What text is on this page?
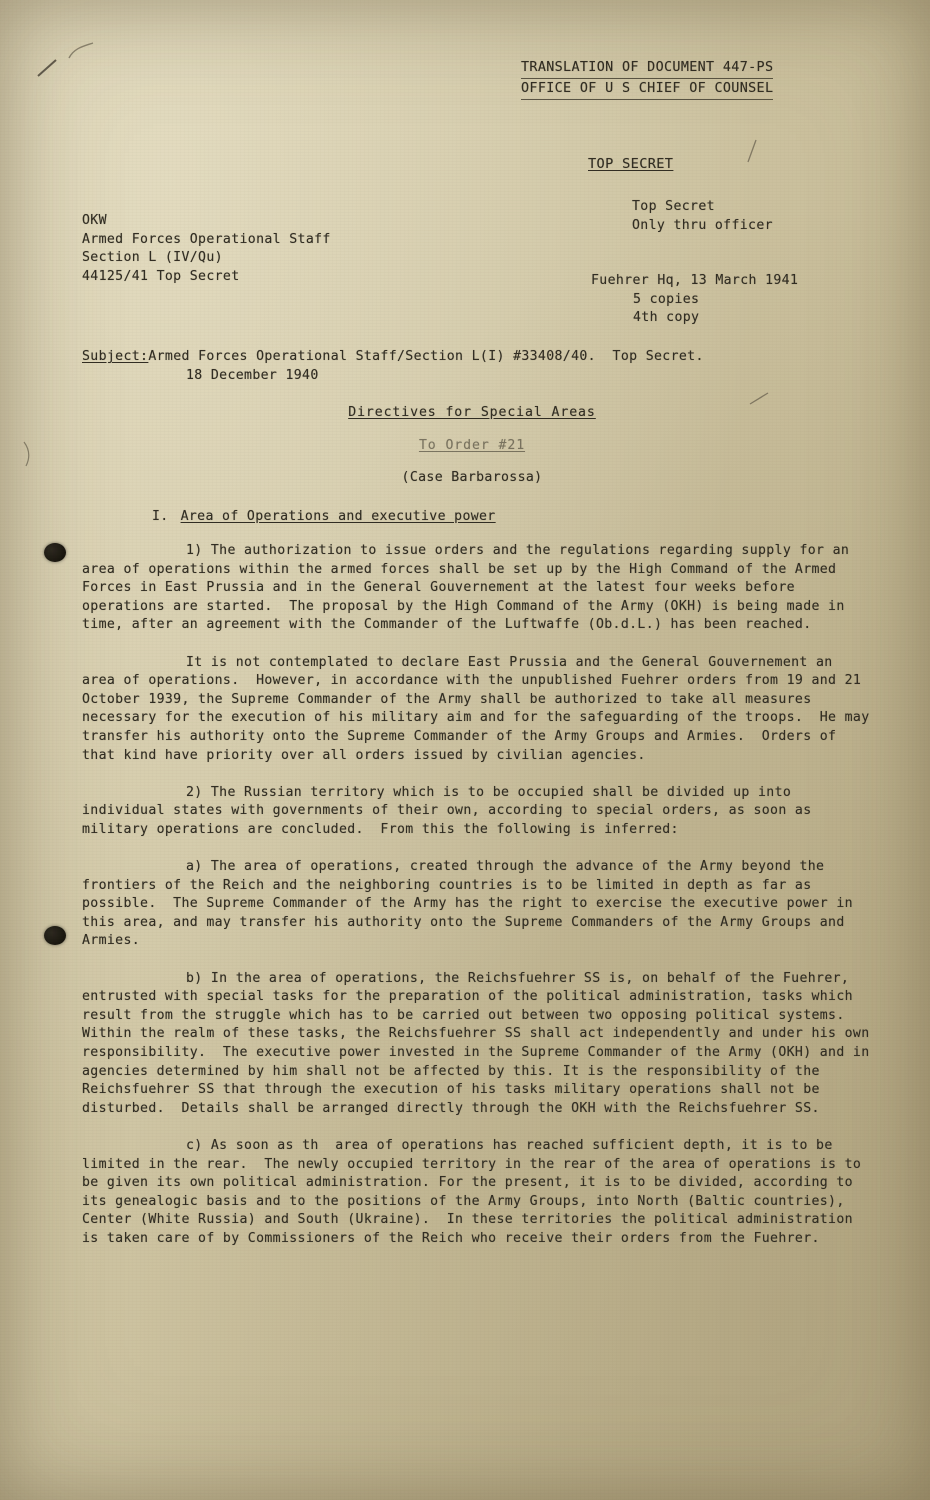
TRANSLATION OF DOCUMENT 447-PS
OFFICE OF U S CHIEF OF COUNSEL
TOP SECRET
Top Secret
Only thru officer
OKW
Armed Forces Operational Staff
Section L (IV/Qu)
44125/41 Top Secret	Fuehrer Hq, 13 March 1941
5 copies
4th copy
Subject:Armed Forces Operational Staff/Section L(I) #33408/40.  Top Secret.
18 December 1940
Directives for Special Areas
To Order #21
(Case Barbarossa)
I. Area of Operations and executive power

1) The authorization to issue orders and the regulations regarding supply for an area of operations within the armed forces shall be set up by the High Command of the Armed Forces in East Prussia and in the General Gouvernement at the latest four weeks before operations are started.  The proposal by the High Command of the Army (OKH) is being made in time, after an agreement with the Commander of the Luftwaffe (Ob.d.L.) has been reached.

It is not contemplated to declare East Prussia and the General Gouvernement an area of operations.  However, in accordance with the unpublished Fuehrer orders from 19 and 21 October 1939, the Supreme Commander of the Army shall be authorized to take all measures necessary for the execution of his military aim and for the safeguarding of the troops.  He may transfer his authority onto the Supreme Commander of the Army Groups and Armies.  Orders of that kind have priority over all orders issued by civilian agencies.

2) The Russian territory which is to be occupied shall be divided up into individual states with governments of their own, according to special orders, as soon as military operations are concluded.  From this the following is inferred:

a) The area of operations, created through the advance of the Army beyond the frontiers of the Reich and the neighboring countries is to be limited in depth as far as possible.  The Supreme Commander of the Army has the right to exercise the executive power in this area, and may transfer his authority onto the Supreme Commanders of the Army Groups and Armies.

b) In the area of operations, the Reichsfuehrer SS is, on behalf of the Fuehrer, entrusted with special tasks for the preparation of the political administration, tasks which result from the struggle which has to be carried out between two opposing political systems.  Within the realm of these tasks, the Reichsfuehrer SS shall act independently and under his own responsibility.  The executive power invested in the Supreme Commander of the Army (OKH) and in agencies determined by him shall not be affected by this. It is the responsibility of the Reichsfuehrer SS that through the execution of his tasks military operations shall not be disturbed.  Details shall be arranged directly through the OKH with the Reichsfuehrer SS.

c) As soon as th  area of operations has reached sufficient depth, it is to be limited in the rear.  The newly occupied territory in the rear of the area of operations is to be given its own political administration. For the present, it is to be divided, according to its genealogic basis and to the positions of the Army Groups, into North (Baltic countries), Center (White Russia) and South (Ukraine).  In these territories the political administration is taken care of by Commissioners of the Reich who receive their orders from the Fuehrer.
